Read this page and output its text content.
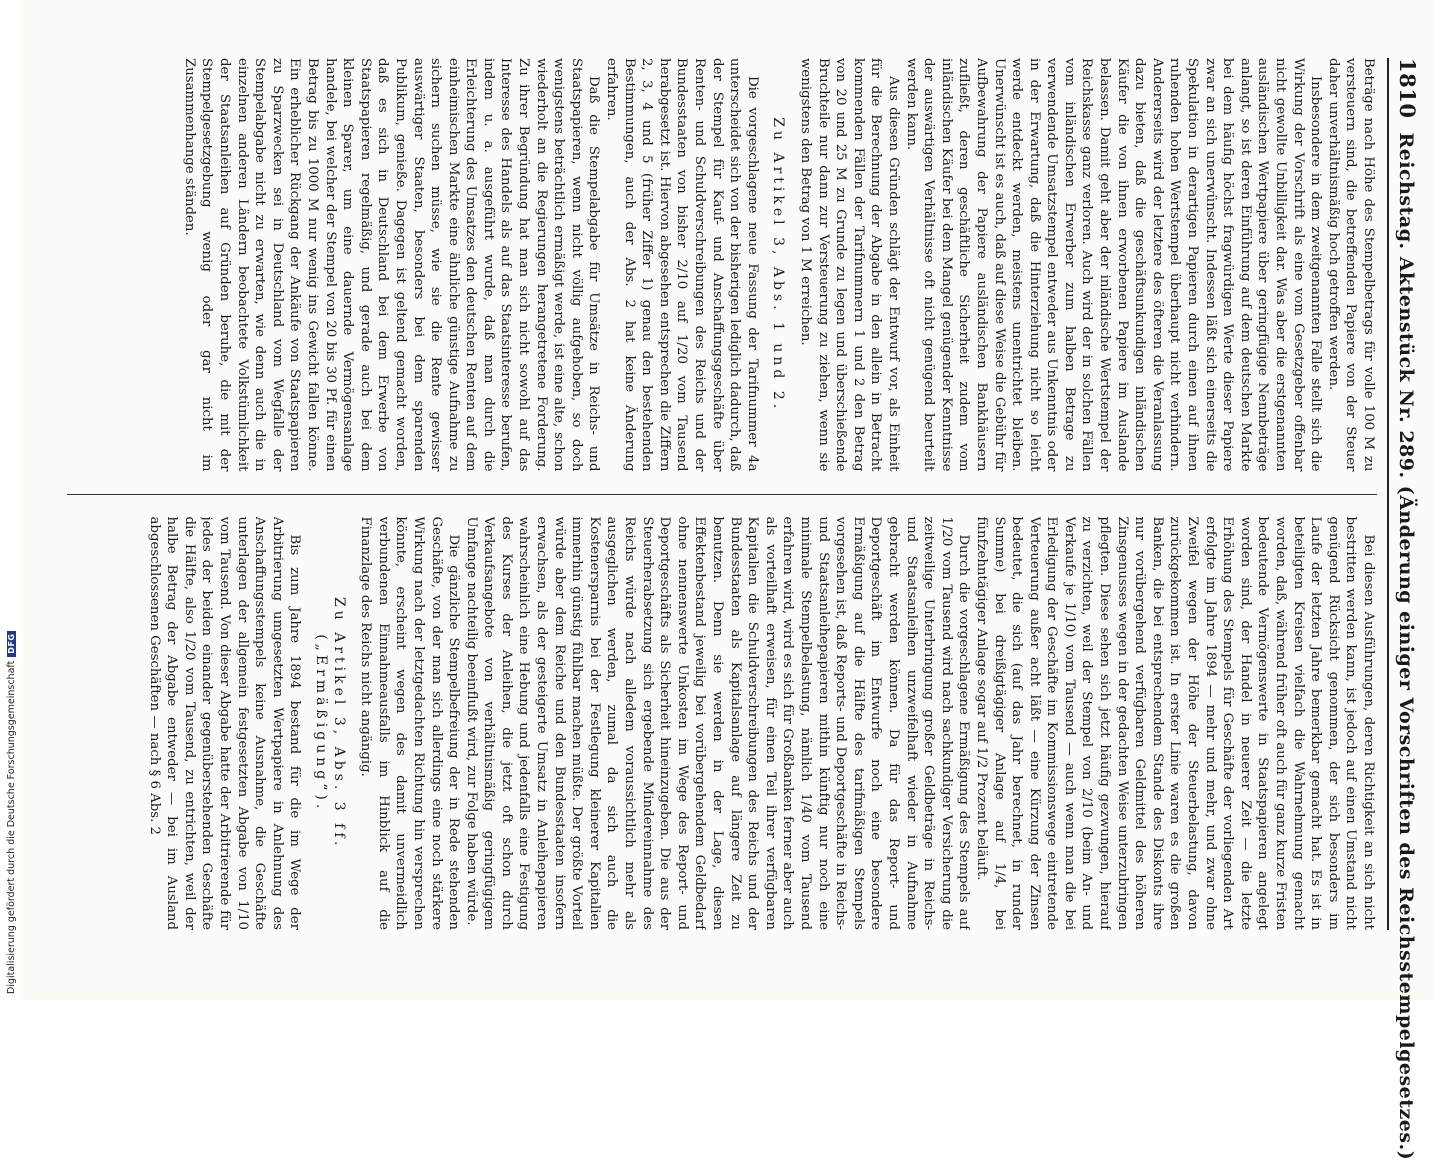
Digitalisierung gefördert durch die Deutsche Forschungsgemeinschaft
DFG
1810
Reichstag. Aktenstück Nr. 289. (Änderung einiger Vorschriften des Reichsstempelgesetzes.)

Beträge nach Höhe des Stempelbetrags für volle 100 M zu versteuern sind, die betreffenden Papiere von der Steuer daher unverhältnismäßig hoch getroffen werden.

Insbesondere in dem zweitgenannten Falle stellt sich die Wirkung der Vorschrift als eine vom Gesetzgeber offenbar nicht gewollte Unbilligkeit dar. Was aber die erstgenannten ausländischen Wertpapiere über geringfügige Nennbeträge anlangt, so ist deren Einführung auf dem deutschen Markte bei dem häufig höchst fragwürdigen Werte dieser Papiere zwar an sich unerwünscht. Indessen läßt sich einerseits die Spekulation in derartigen Papieren durch einen auf ihnen ruhenden hohen Wertstempel überhaupt nicht verhindern. Andererseits wird der letztere des öfteren die Veranlassung dazu bieten, daß die geschäftsunkundigen inländischen Käufer die von ihnen erworbenen Papiere im Auslande belassen. Damit geht aber der inländische Wertstempel der Reichskasse ganz verloren. Auch wird der in solchen Fällen vom inländischen Erwerber zum halben Betrage zu verwendende Umsatzstempel entweder aus Unkenntnis oder in der Erwartung, daß die Hinterziehung nicht so leicht werde entdeckt werden, meistens unentrichtet bleiben. Unerwünscht ist es auch, daß auf diese Weise die Gebühr für Aufbewahrung der Papiere ausländischen Bankhäusern zufließt, deren geschäftliche Sicherheit zudem vom inländischen Käufer bei dem Mangel genügender Kenntnisse der auswärtigen Verhältnisse oft nicht genügend beurteilt werden kann.

Aus diesen Gründen schlägt der Entwurf vor, als Einheit für die Berechnung der Abgabe in den allein in Betracht kommenden Fällen der Tarifnummern 1 und 2 den Betrag von 20 und 25 M zu Grunde zu legen und überschießende Bruchteile nur dann zur Versteuerung zu ziehen, wenn sie wenigstens den Betrag von 1 M erreichen.

Zu Artikel 3, Abs. 1 und 2.

Die vorgeschlagene neue Fassung der Tarifnummer 4a unterscheidet sich von der bisherigen lediglich dadurch, daß der Stempel für Kauf- und Anschaffungsgeschäfte über Renten- und Schuldverschreibungen des Reichs und der Bundesstaaten von bisher 2/10 auf 1/20 vom Tausend herabgesetzt ist. Hiervon abgesehen entsprechen die Ziffern 2, 3, 4 und 5 (früher Ziffer 1) genau den bestehenden Bestimmungen, auch der Abs. 2 hat keine Änderung erfahren.

Daß die Stempelabgabe für Umsätze in Reichs- und Staatspapieren, wenn nicht völlig aufgehoben, so doch wenigstens beträchtlich ermäßigt werde, ist eine alte, schon wiederholt an die Regierungen herangetretene Forderung. Zu ihrer Begründung hat man sich nicht sowohl auf das Interesse des Handels als auf das Staatsinteresse berufen, indem u. a. ausgeführt wurde, daß man durch die Erleichterung des Umsatzes den deutschen Renten auf dem einheimischen Markte eine ähnliche günstige Aufnahme zu sichern suchen müsse, wie sie die Rente gewisser auswärtiger Staaten, besonders bei dem sparenden Publikum, genieße. Dagegen ist geltend gemacht worden, daß es sich in Deutschland bei dem Erwerbe von Staatspapieren regelmäßig, und gerade auch bei dem kleinen Sparer, um eine dauernde Vermögensanlage handele, bei welcher der Stempel von 20 bis 30 Pf. für einen Betrag bis zu 1000 M nur wenig ins Gewicht fallen könne. Ein erheblicher Rückgang der Ankäufe von Staatspapieren zu Sparzwecken sei in Deutschland vom Wegfalle der Stempelabgabe nicht zu erwarten, wie denn auch die in einzelnen anderen Ländern beobachtete Volkstümlichkeit der Staatsanleihen auf Gründen beruhe, die mit der Stempelgesetzgebung wenig oder gar nicht im Zusammenhange ständen.

Bei diesen Ausführungen, deren Richtigkeit an sich nicht bestritten werden kann, ist jedoch auf einen Umstand nicht genügend Rücksicht genommen, der sich besonders im Laufe der letzten Jahre bemerkbar gemacht hat. Es ist in beteiligten Kreisen vielfach die Wahrnehmung gemacht worden, daß, während früher oft auch für ganz kurze Fristen bedeutende Vermögenswerte in Staatspapieren angelegt worden sind, der Handel in neuerer Zeit — die letzte Erhöhung des Stempels für Geschäfte der vorliegenden Art erfolgte im Jahre 1894 — mehr und mehr, und zwar ohne Zweifel wegen der Höhe der Steuerbelastung, davon zurückgekommen ist. In erster Linie waren es die großen Banken, die bei entsprechendem Stande des Diskonts ihre nur vorübergehend verfügbaren Geldmittel des höheren Zinsgenusses wegen in der gedachten Weise unterzubringen pflegten. Diese sehen sich jetzt häufig gezwungen, hierauf zu verzichten, weil der Stempel von 2/10 (beim An- und Verkaufe je 1/10) vom Tausend — auch wenn man die bei Erledigung der Geschäfte im Kommissionswege eintretende Verteuerung außer acht läßt — eine Kürzung der Zinsen bedeutet, die sich (auf das Jahr berechnet, in runder Summe) bei dreißigtägiger Anlage auf 1/4, bei fünfzehntägiger Anlage sogar auf 1/2 Prozent beläuft.

Durch die vorgeschlagene Ermäßigung des Stempels auf 1/20 vom Tausend wird nach sachkundiger Versicherung die zeitweilige Unterbringung großer Geldbeträge in Reichs- und Staatsanleihen unzweifelhaft wieder in Aufnahme gebracht werden können. Da für das Report- und Deportgeschäft im Entwurfe noch eine besondere Ermäßigung auf die Hälfte des tarifmäßigen Stempels vorgesehen ist, daß Reports- und Deportgeschäfte in Reichs- und Staatsanleihepapieren mithin künftig nur noch eine minimale Stempelbelastung, nämlich 1/40 vom Tausend erfahren wird, wird es sich für Großbanken ferner aber auch als vorteilhaft erweisen, für einen Teil ihrer verfügbaren Kapitalien die Schuldverschreibungen des Reichs und der Bundesstaaten als Kapitalsanlage auf längere Zeit zu benutzen. Denn sie werden in der Lage, diesen Effektenbestand jeweilig bei vorübergehendem Geldbedarf ohne nennenswerte Unkosten im Wege des Report- und Deportgeschäfts als Sicherheit hineinzugeben. Die aus der Steuerherabsetzung sich ergebende Mindereinnahme des Reichs würde nach alledem voraussichtlich mehr als ausgeglichen werden, zumal da sich auch die Kostenersparnis bei der Festlegung kleinerer Kapitalien immerhin günstig fühlbar machen müßte. Der größte Vorteil würde aber dem Reiche und den Bundesstaaten insofern erwachsen, als der gesteigerte Umsatz in Anleihepapieren wahrscheinlich eine Hebung und jedenfalls eine Festigung des Kurses der Anleihen, die jetzt oft schon durch Verkaufsangebote von verhältnismäßig geringfügigem Umfange nachteilig beeinflußt wird, zur Folge haben würde.

Die gänzliche Stempelbefreiung der in Rede stehenden Geschäfte, von der man sich allerdings eine noch stärkere Wirkung nach der letztgedachten Richtung hin versprechen könnte, erscheint wegen des damit unvermeidlich verbundenen Einnahmeausfalls im Hinblick auf die Finanzlage des Reichs nicht angängig.

Zu Artikel 3, Abs. 3 ff. („Ermäßigung“).

Bis zum Jahre 1894 bestand für die im Wege der Arbitrierung umgesetzten Wertpapiere in Anlehnung des Anschaffungsstempels keine Ausnahme, die Geschäfte unterlagen der allgemein festgesetzten Abgabe von 1/10 vom Tausend. Von dieser Abgabe hatte der Arbitrierende für jedes der beiden einander gegenüberstehenden Geschäfte die Hälfte, also 1/20 vom Tausend, zu entrichten, weil der halbe Betrag der Abgabe entweder — bei im Ausland abgeschlossenen Geschäften — nach § 6 Abs. 2
